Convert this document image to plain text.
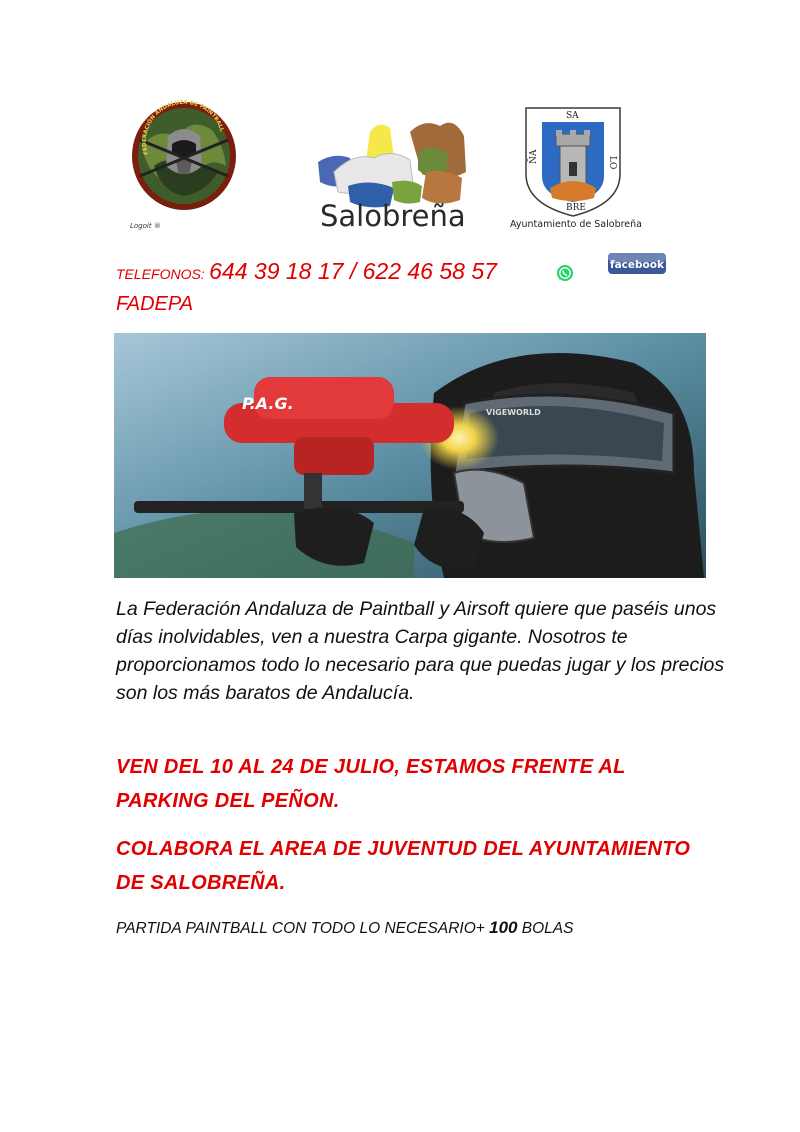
FEDERACIÓN ANDALUZA DE PAINTBALL
Logoit ®	Salobreña
SA
LO
BRE
ÑA
Ayuntamiento de Salobreña
TELEFONOS: 644 39 18 17 / 622 46 58 57	facebook
FADEPA
P.A.G.	VIGEWORLD
La Federación Andaluza de Paintball y Airsoft quiere que paséis unos días inolvidables, ven a nuestra Carpa gigante. Nosotros te proporcionamos todo lo necesario para que puedas jugar y los precios son los más baratos de Andalucía.
VEN DEL 10 AL 24 DE JULIO, ESTAMOS FRENTE AL PARKING DEL PEÑON.
COLABORA EL AREA DE JUVENTUD DEL AYUNTAMIENTO DE SALOBREÑA.
PARTIDA PAINTBALL CON TODO LO NECESARIO+ 100 BOLAS
